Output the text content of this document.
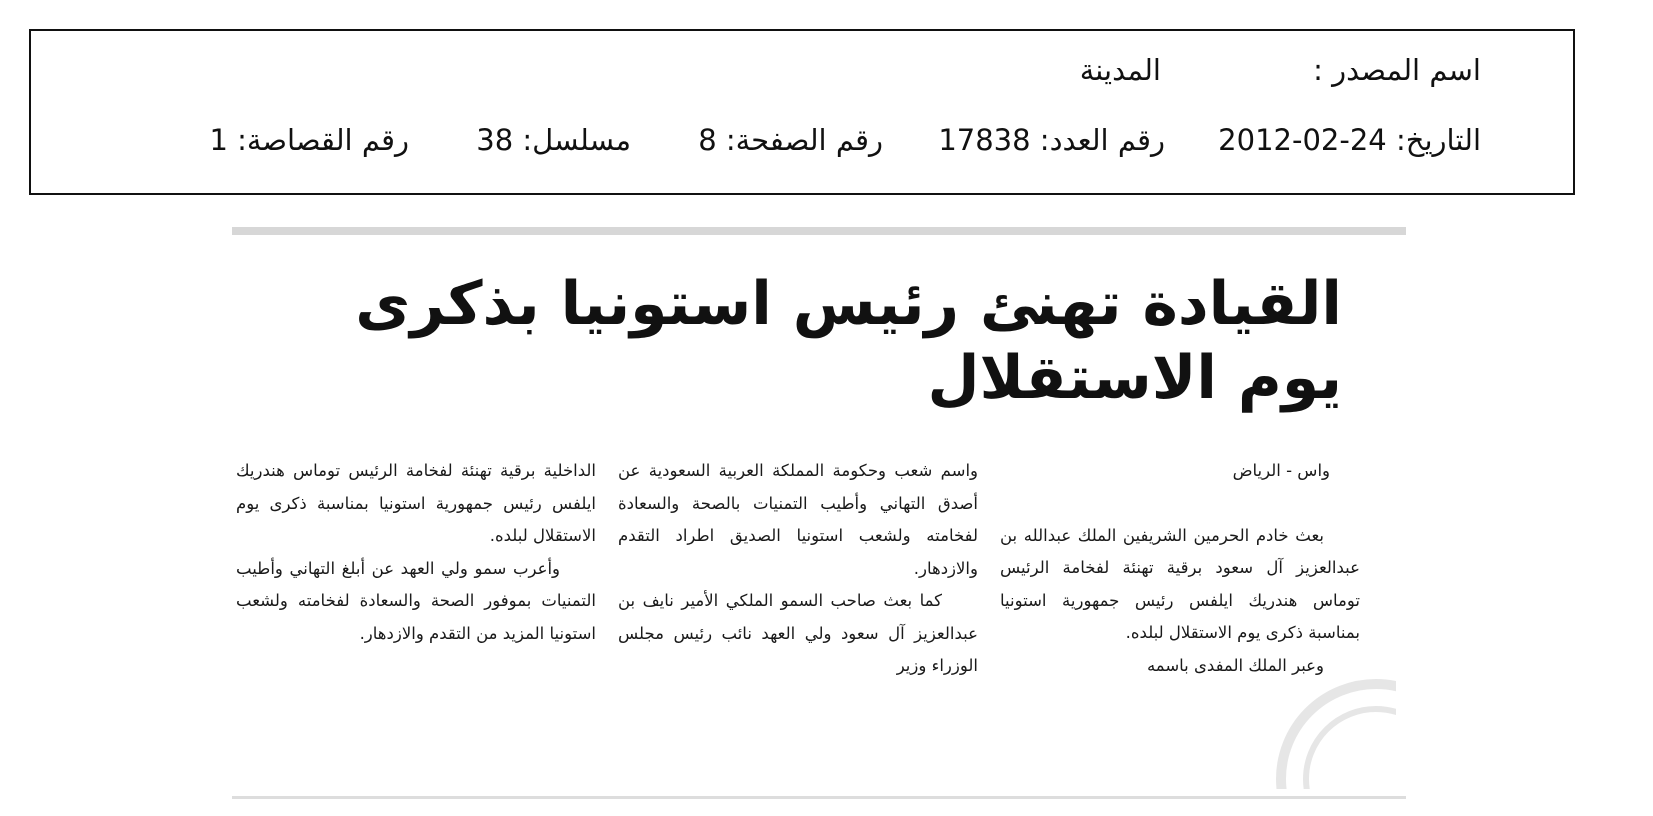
اسم المصدر :
المدينة
التاريخ: 24-02-2012
رقم العدد: 17838
رقم الصفحة: 8
مسلسل: 38
رقم القصاصة: 1
القيادة تهنئ رئيس استونيا بذكرى
يوم الاستقلال

واس - الرياض

بعث خادم الحرمين الشريفين الملك عبدالله بن عبدالعزيز آل سعود برقية تهنئة لفخامة الرئيس توماس هندريك ايلفس رئيس جمهورية استونيا بمناسبة ذكرى يوم الاستقلال لبلده.

وعبر الملك المفدى باسمه

واسم شعب وحكومة المملكة العربية السعودية عن أصدق التهاني وأطيب التمنيات بالصحة والسعادة لفخامته ولشعب استونيا الصديق اطراد التقدم والازدهار.

كما بعث صاحب السمو الملكي الأمير نايف بن عبدالعزيز آل سعود ولي العهد نائب رئيس مجلس الوزراء وزير

الداخلية برقية تهنئة لفخامة الرئيس توماس هندريك ايلفس رئيس جمهورية استونيا بمناسبة ذكرى يوم الاستقلال لبلده.

وأعرب سمو ولي العهد عن أبلغ التهاني وأطيب التمنيات بموفور الصحة والسعادة لفخامته ولشعب استونيا المزيد من التقدم والازدهار.
